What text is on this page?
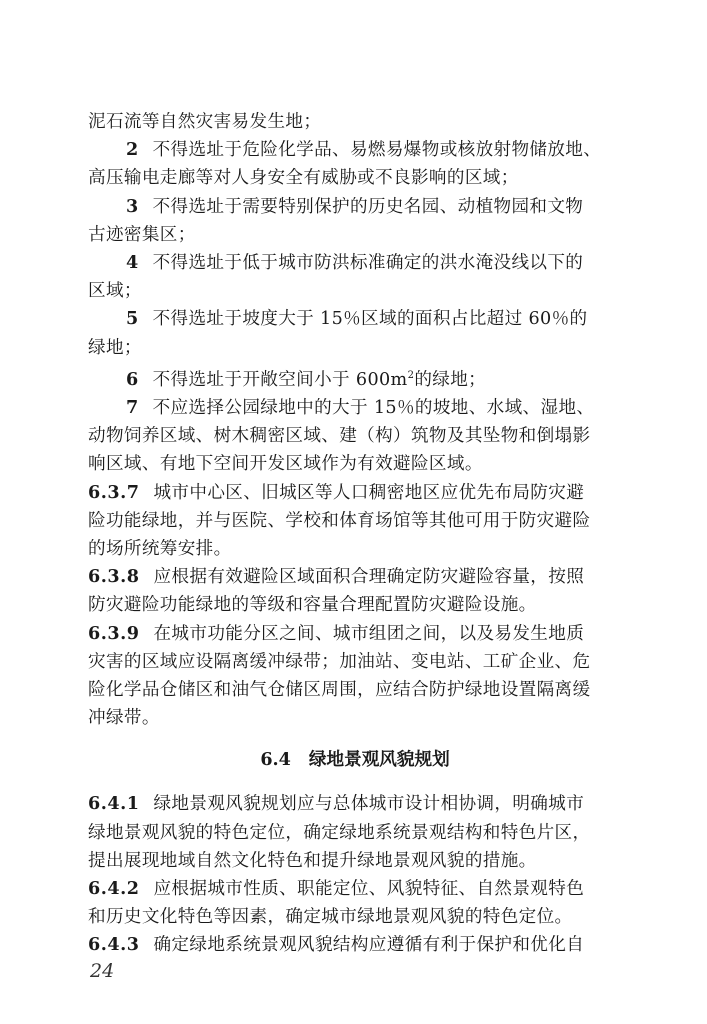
泥石流等自然灾害易发生地；

2 不得选址于危险化学品、易燃易爆物或核放射物储放地、

高压输电走廊等对人身安全有威胁或不良影响的区域；

3 不得选址于需要特别保护的历史名园、动植物园和文物

古迹密集区；

4 不得选址于低于城市防洪标准确定的洪水淹没线以下的

区域；

5 不得选址于坡度大于 15％区域的面积占比超过 60％的

绿地；

6 不得选址于开敞空间小于 $600m^2$的绿地；

7 不应选择公园绿地中的大于 15％的坡地、水域、湿地、

动物饲养区域、树木稠密区域、建（构）筑物及其坠物和倒塌影

响区域、有地下空间开发区域作为有效避险区域。

6.3.7 城市中心区、旧城区等人口稠密地区应优先布局防灾避

险功能绿地，并与医院、学校和体育场馆等其他可用于防灾避险

的场所统筹安排。

6.3.8 应根据有效避险区域面积合理确定防灾避险容量，按照

防灾避险功能绿地的等级和容量合理配置防灾避险设施。

6.3.9 在城市功能分区之间、城市组团之间，以及易发生地质

灾害的区域应设隔离缓冲绿带；加油站、变电站、工矿企业、危

险化学品仓储区和油气仓储区周围，应结合防护绿地设置隔离缓

冲绿带。

6.4 绿地景观风貌规划

6.4.1 绿地景观风貌规划应与总体城市设计相协调，明确城市

绿地景观风貌的特色定位，确定绿地系统景观结构和特色片区，

提出展现地域自然文化特色和提升绿地景观风貌的措施。

6.4.2 应根据城市性质、职能定位、风貌特征、自然景观特色

和历史文化特色等因素，确定城市绿地景观风貌的特色定位。

6.4.3 确定绿地系统景观风貌结构应遵循有利于保护和优化自

24
